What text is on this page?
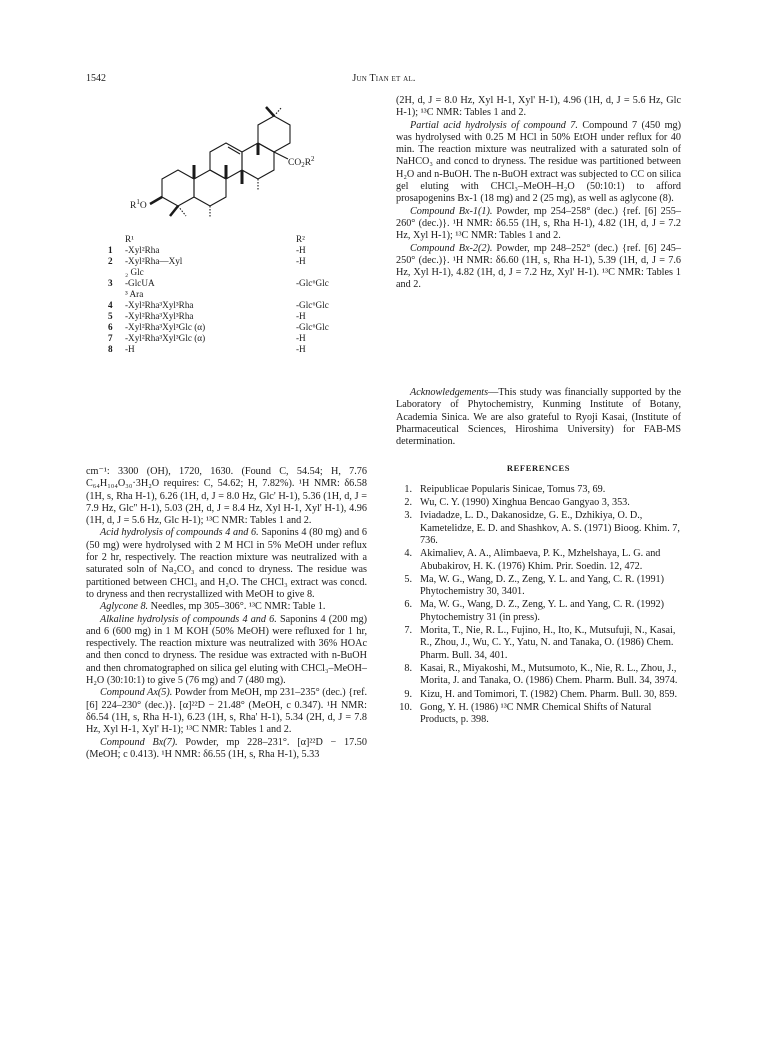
1542	Jun Tian et al.
$CO_2R^2$
$R^1O$
R¹	R²
1 -Xyl²Rha	-H
2 -Xyl²Rha—Xyl	-H
₂ Glc
3 -GlcUA	-Glc⁶Glc
³ Ara
4 -Xyl²Rha³Xyl³Rha	-Glc⁶Glc
5 -Xyl²Rha³Xyl³Rha	-H
6 -Xyl²Rha³Xyl³Glc (α)	-Glc⁶Glc
7 -Xyl²Rha³Xyl³Glc (α)	-H
8 -H	-H

cm⁻¹: 3300 (OH), 1720, 1630. (Found C, 54.54; H, 7.76 C₆₄H₁₀₄O₃₀·3H₂O requires: C, 54.62; H, 7.82%). ¹H NMR: δ6.58 (1H, s, Rha H-1), 6.26 (1H, d, J = 8.0 Hz, Glc' H-1), 5.36 (1H, d, J = 7.9 Hz, Glc'' H-1), 5.03 (2H, d, J = 8.4 Hz, Xyl H-1, Xyl' H-1), 4.96 (1H, d, J = 5.6 Hz, Glc H-1); ¹³C NMR: Tables 1 and 2.

Acid hydrolysis of compounds 4 and 6. Saponins 4 (80 mg) and 6 (50 mg) were hydrolysed with 2 M HCl in 5% MeOH under reflux for 2 hr, respectively. The reaction mixture was neutralized with a saturated soln of Na₂CO₃ and concd to dryness. The residue was partitioned between CHCl₃ and H₂O. The CHCl₃ extract was concd. to dryness and then recrystallized with MeOH to give 8.

Aglycone 8. Needles, mp 305–306°. ¹³C NMR: Table 1.

Alkaline hydrolysis of compounds 4 and 6. Saponins 4 (200 mg) and 6 (600 mg) in 1 M KOH (50% MeOH) were refluxed for 1 hr, respectively. The reaction mixture was neutralized with 36% HOAc and then concd to dryness. The residue was extracted with n-BuOH and then chromatographed on silica gel eluting with CHCl₃–MeOH–H₂O (30:10:1) to give 5 (76 mg) and 7 (480 mg).

Compound Ax(5). Powder from MeOH, mp 231–235° (dec.) {ref. [6] 224–230° (dec.)}. [α]²²D − 21.48° (MeOH, c 0.347). ¹H NMR: δ6.54 (1H, s, Rha H-1), 6.23 (1H, s, Rha' H-1), 5.34 (2H, d, J = 7.8 Hz, Xyl H-1, Xyl' H-1); ¹³C NMR: Tables 1 and 2.

Compound Bx(7). Powder, mp 228–231°. [α]²²D − 17.50 (MeOH; c 0.413). ¹H NMR: δ6.55 (1H, s, Rha H-1), 5.33

(2H, d, J = 8.0 Hz, Xyl H-1, Xyl' H-1), 4.96 (1H, d, J = 5.6 Hz, Glc H-1); ¹³C NMR: Tables 1 and 2.

Partial acid hydrolysis of compound 7. Compound 7 (450 mg) was hydrolysed with 0.25 M HCl in 50% EtOH under reflux for 40 min. The reaction mixture was neutralized with a saturated soln of NaHCO₃ and concd to dryness. The residue was partitioned between H₂O and n-BuOH. The n-BuOH extract was subjected to CC on silica gel eluting with CHCl₃–MeOH–H₂O (50:10:1) to afford prosapogenins Bx-1 (18 mg) and 2 (25 mg), as well as aglycone (8).

Compound Bx-1(1). Powder, mp 254–258° (dec.) {ref. [6] 255–260° (dec.)}. ¹H NMR: δ6.55 (1H, s, Rha H-1), 4.82 (1H, d, J = 7.2 Hz, Xyl H-1); ¹³C NMR: Tables 1 and 2.

Compound Bx-2(2). Powder, mp 248–252° (dec.) {ref. [6] 245–250° (dec.)}. ¹H NMR: δ6.60 (1H, s, Rha H-1), 5.39 (1H, d, J = 7.6 Hz, Xyl H-1), 4.82 (1H, d, J = 7.2 Hz, Xyl' H-1). ¹³C NMR: Tables 1 and 2.

Acknowledgements—This study was financially supported by the Laboratory of Phytochemistry, Kunming Institute of Botany, Academia Sinica. We are also grateful to Ryoji Kasai, (Institute of Pharmaceutical Sciences, Hiroshima University) for FAB-MS determination.

REFERENCES

1. Reipublicae Popularis Sinicae, Tomus 73, 69.

2. Wu, C. Y. (1990) Xinghua Bencao Gangyao 3, 353.

3. Iviadadze, L. D., Dakanosidze, G. E., Dzhikiya, O. D., Kametelidze, E. D. and Shashkov, A. S. (1971) Bioog. Khim. 7, 736.

4. Akimaliev, A. A., Alimbaeva, P. K., Mzhelshaya, L. G. and Abubakirov, H. K. (1976) Khim. Prir. Soedin. 12, 472.

5. Ma, W. G., Wang, D. Z., Zeng, Y. L. and Yang, C. R. (1991) Phytochemistry 30, 3401.

6. Ma, W. G., Wang, D. Z., Zeng, Y. L. and Yang, C. R. (1992) Phytochemistry 31 (in press).

7. Morita, T., Nie, R. L., Fujino, H., Ito, K., Mutsufuji, N., Kasai, R., Zhou, J., Wu, C. Y., Yatu, N. and Tanaka, O. (1986) Chem. Pharm. Bull. 34, 401.

8. Kasai, R., Miyakoshi, M., Mutsumoto, K., Nie, R. L., Zhou, J., Morita, J. and Tanaka, O. (1986) Chem. Pharm. Bull. 34, 3974.

9. Kizu, H. and Tomimori, T. (1982) Chem. Pharm. Bull. 30, 859.

10. Gong, Y. H. (1986) ¹³C NMR Chemical Shifts of Natural Products, p. 398.
